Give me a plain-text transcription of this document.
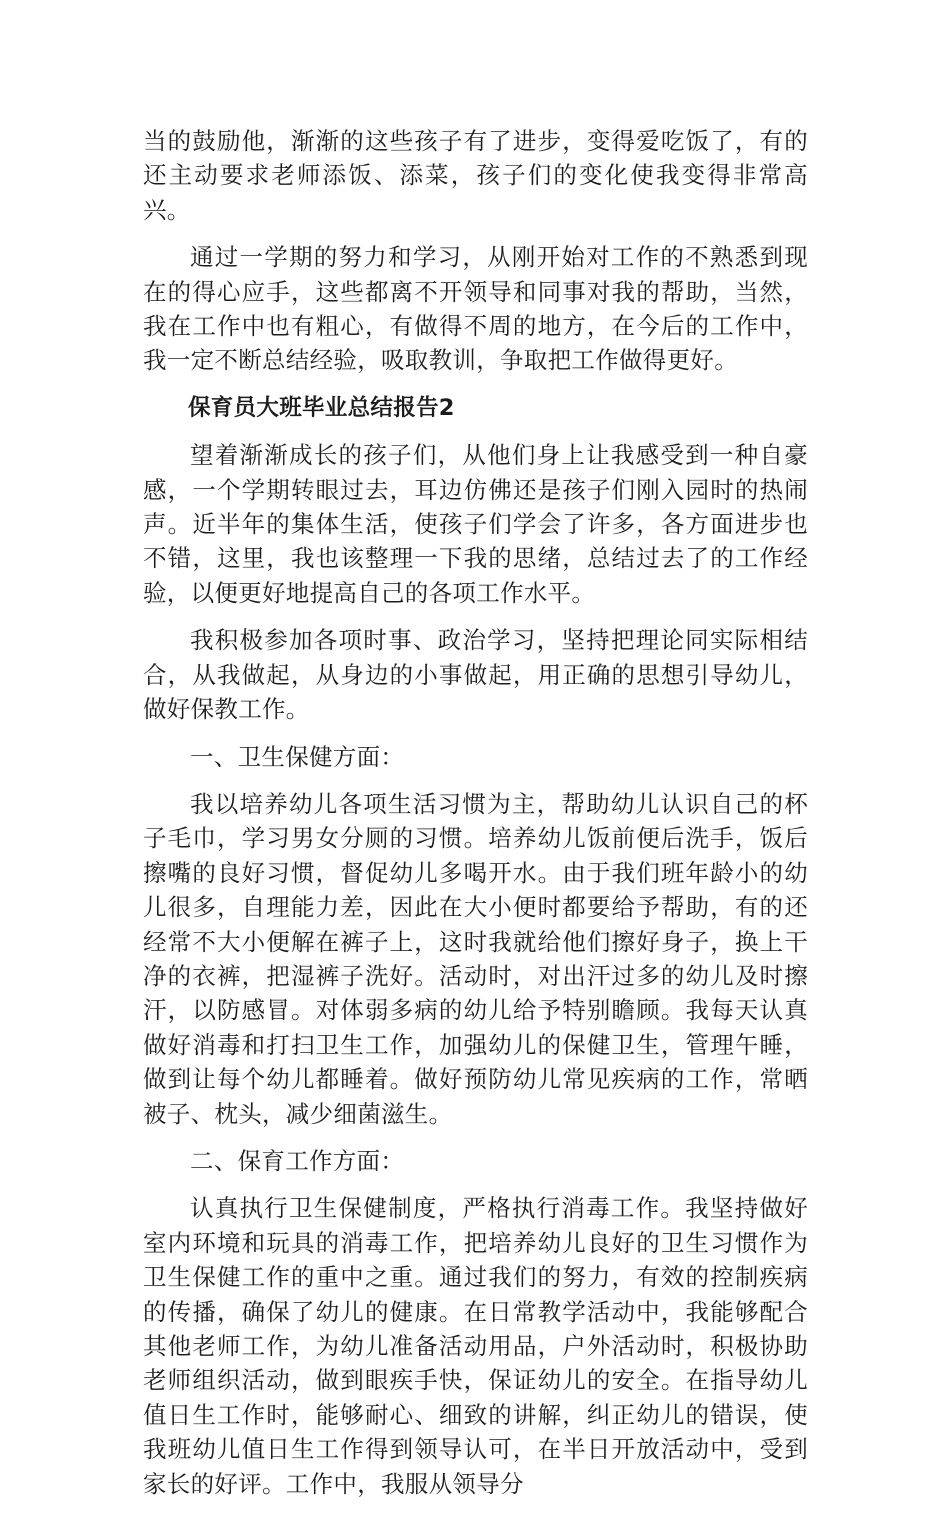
当的鼓励他，渐渐的这些孩子有了进步，变得爱吃饭了，有的还主动要求老师添饭、添菜，孩子们的变化使我变得非常高兴。

通过一学期的努力和学习，从刚开始对工作的不熟悉到现在的得心应手，这些都离不开领导和同事对我的帮助，当然，我在工作中也有粗心，有做得不周的地方，在今后的工作中，我一定不断总结经验，吸取教训，争取把工作做得更好。

保育员大班毕业总结报告2

望着渐渐成长的孩子们，从他们身上让我感受到一种自豪感，一个学期转眼过去，耳边仿佛还是孩子们刚入园时的热闹声。近半年的集体生活，使孩子们学会了许多，各方面进步也不错，这里，我也该整理一下我的思绪，总结过去了的工作经验，以便更好地提高自己的各项工作水平。

我积极参加各项时事、政治学习，坚持把理论同实际相结合，从我做起，从身边的小事做起，用正确的思想引导幼儿，做好保教工作。

一、卫生保健方面：

我以培养幼儿各项生活习惯为主，帮助幼儿认识自己的杯子毛巾，学习男女分厕的习惯。培养幼儿饭前便后洗手，饭后擦嘴的良好习惯，督促幼儿多喝开水。由于我们班年龄小的幼儿很多，自理能力差，因此在大小便时都要给予帮助，有的还经常不大小便解在裤子上，这时我就给他们擦好身子，换上干净的衣裤，把湿裤子洗好。活动时，对出汗过多的幼儿及时擦汗，以防感冒。对体弱多病的幼儿给予特别瞻顾。我每天认真做好消毒和打扫卫生工作，加强幼儿的保健卫生，管理午睡，做到让每个幼儿都睡着。做好预防幼儿常见疾病的工作，常晒被子、枕头，减少细菌滋生。

二、保育工作方面：

认真执行卫生保健制度，严格执行消毒工作。我坚持做好室内环境和玩具的消毒工作，把培养幼儿良好的卫生习惯作为卫生保健工作的重中之重。通过我们的努力，有效的控制疾病的传播，确保了幼儿的健康。在日常教学活动中，我能够配合其他老师工作，为幼儿准备活动用品，户外活动时，积极协助老师组织活动，做到眼疾手快，保证幼儿的安全。在指导幼儿值日生工作时，能够耐心、细致的讲解，纠正幼儿的错误，使我班幼儿值日生工作得到领导认可，在半日开放活动中，受到家长的好评。工作中，我服从领导分
